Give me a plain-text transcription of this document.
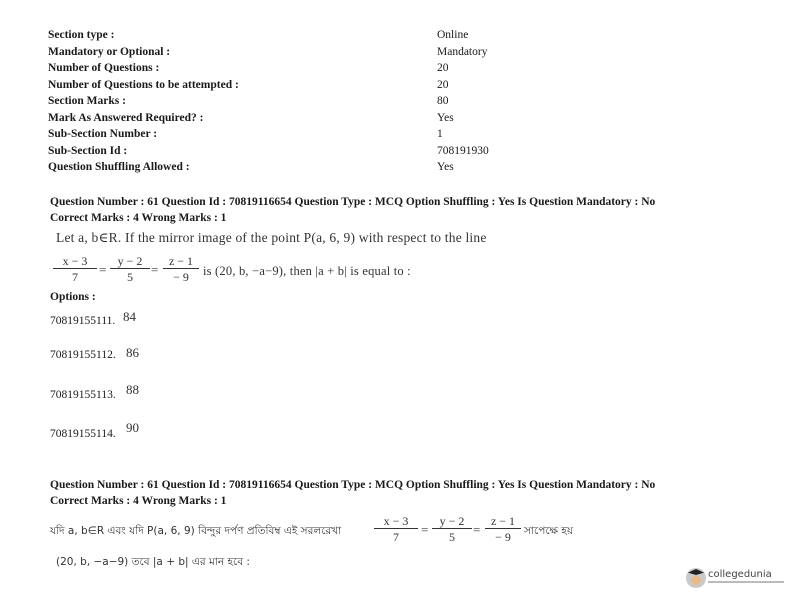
Section type :	Online
Mandatory or Optional :	Mandatory
Number of Questions :	20
Number of Questions to be attempted :	20
Section Marks :	80
Mark As Answered Required? :	Yes
Sub-Section Number :	1
Sub-Section Id :	708191930
Question Shuffling Allowed :	Yes
Question Number : 61 Question Id : 70819116654 Question Type : MCQ Option Shuffling : Yes Is Question Mandatory : No
Correct Marks : 4 Wrong Marks : 1
Let a, b∈R. If the mirror image of the point P(a, 6, 9) with respect to the line
$\frac{x - 3}{7} = \frac{y - 2}{5} = \frac{z - 1}{- 9}$ is (20, b, −a−9), then |a + b| is equal to :
Options :
70819155111. 84
70819155112. 86
70819155113. 88
70819155114. 90
Question Number : 61 Question Id : 70819116654 Question Type : MCQ Option Shuffling : Yes Is Question Mandatory : No
Correct Marks : 4 Wrong Marks : 1
যদি a, b∈R এবং যদি P(a, 6, 9) বিন্দুর দর্পণ প্রতিবিম্ব এই সরলরেখা	$\frac{x - 3}{7} = \frac{y - 2}{5} = \frac{z - 1}{- 9}$ সাপেক্ষে হয়
(20, b, −a−9) তবে |a + b| এর মান হবে :
collegedunia
